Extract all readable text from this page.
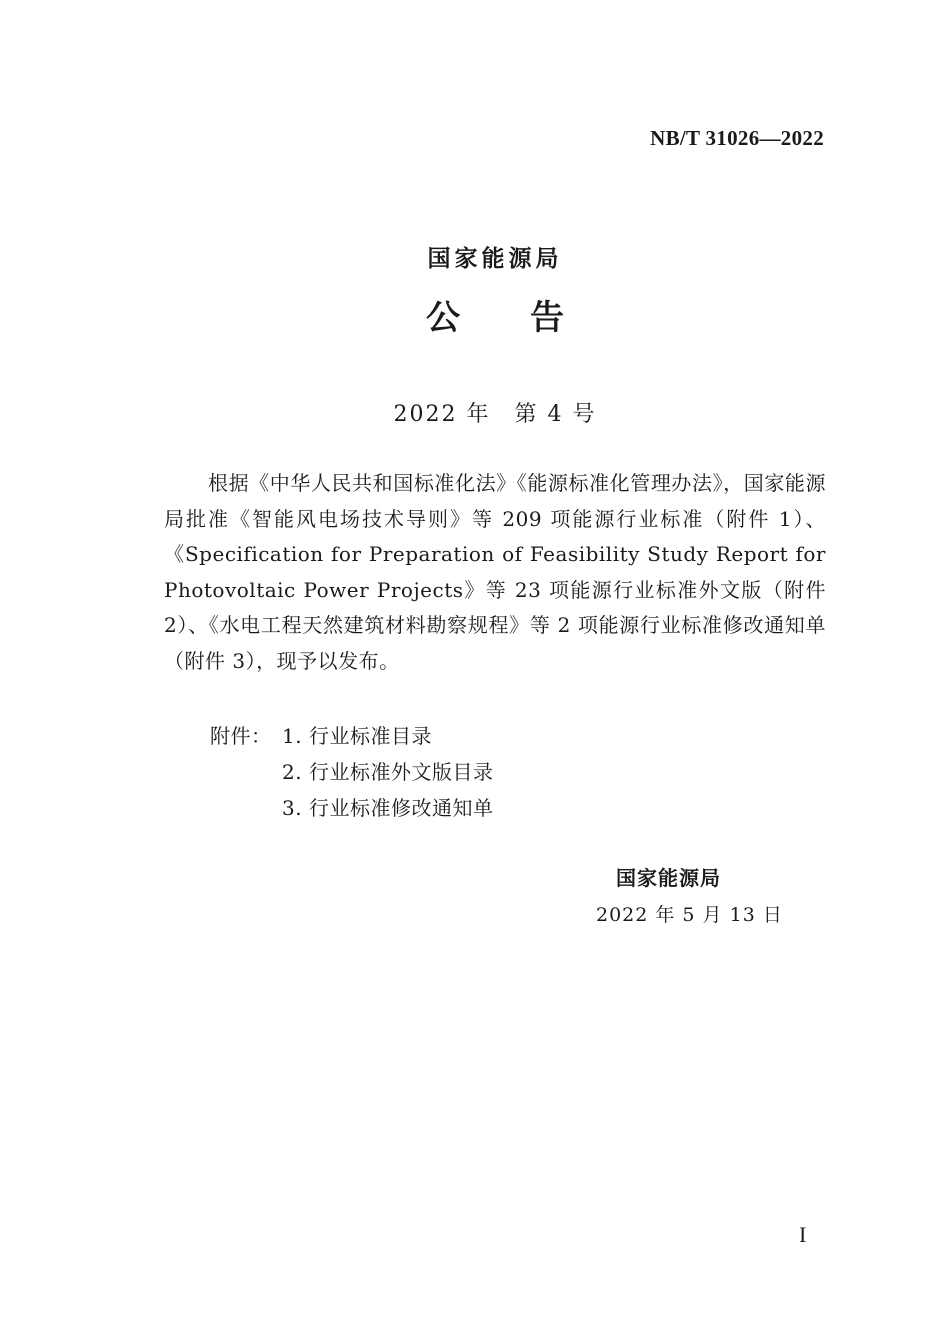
NB/T 31026—2022
国家能源局
公 告
2022 年　第 4 号

根据《中华人民共和国标准化法》《能源标准化管理办法》，国家能源局批准《智能风电场技术导则》等 209 项能源行业标准（附件 1）、《Specification for Preparation of Feasibility Study Report for Photovoltaic Power Projects》等 23 项能源行业标准外文版（附件 2）、《水电工程天然建筑材料勘察规程》等 2 项能源行业标准修改通知单（附件 3），现予以发布。

附件： 1. 行业标准目录
2. 行业标准外文版目录
3. 行业标准修改通知单
国家能源局
2022 年 5 月 13 日
I
